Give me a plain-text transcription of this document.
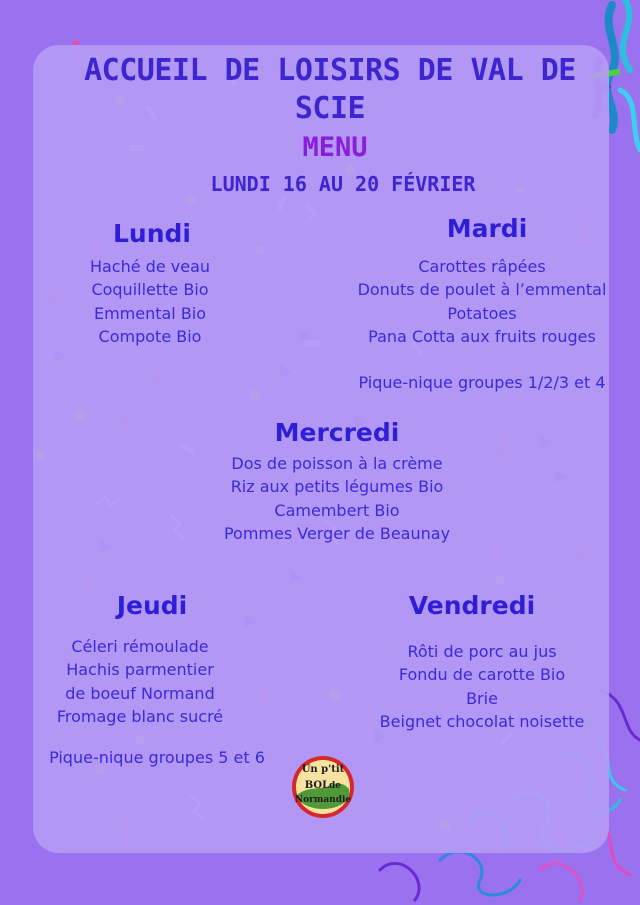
ACCUEIL DE LOISIRS DE VAL DE SCIE
MENU
LUNDI 16 AU 20 FÉVRIER
Lundi
Haché de veau
Coquillette Bio
Emmental Bio
Compote Bio
Mardi
Carottes râpées
Donuts de poulet à l’emmental
Potatoes
Pana Cotta aux fruits rouges
Pique-nique groupes 1/2/3 et 4
Mercredi
Dos de poisson à la crème
Riz aux petits légumes Bio
Camembert Bio
Pommes Verger de Beaunay
Jeudi
Céleri rémoulade
Hachis parmentier
de boeuf Normand
Fromage blanc sucré
Pique-nique groupes 5 et 6
Vendredi
Rôti de porc au jus
Fondu de carotte Bio
Brie
Beignet chocolat noisette
Un p'tit
BOL de
Normandie
